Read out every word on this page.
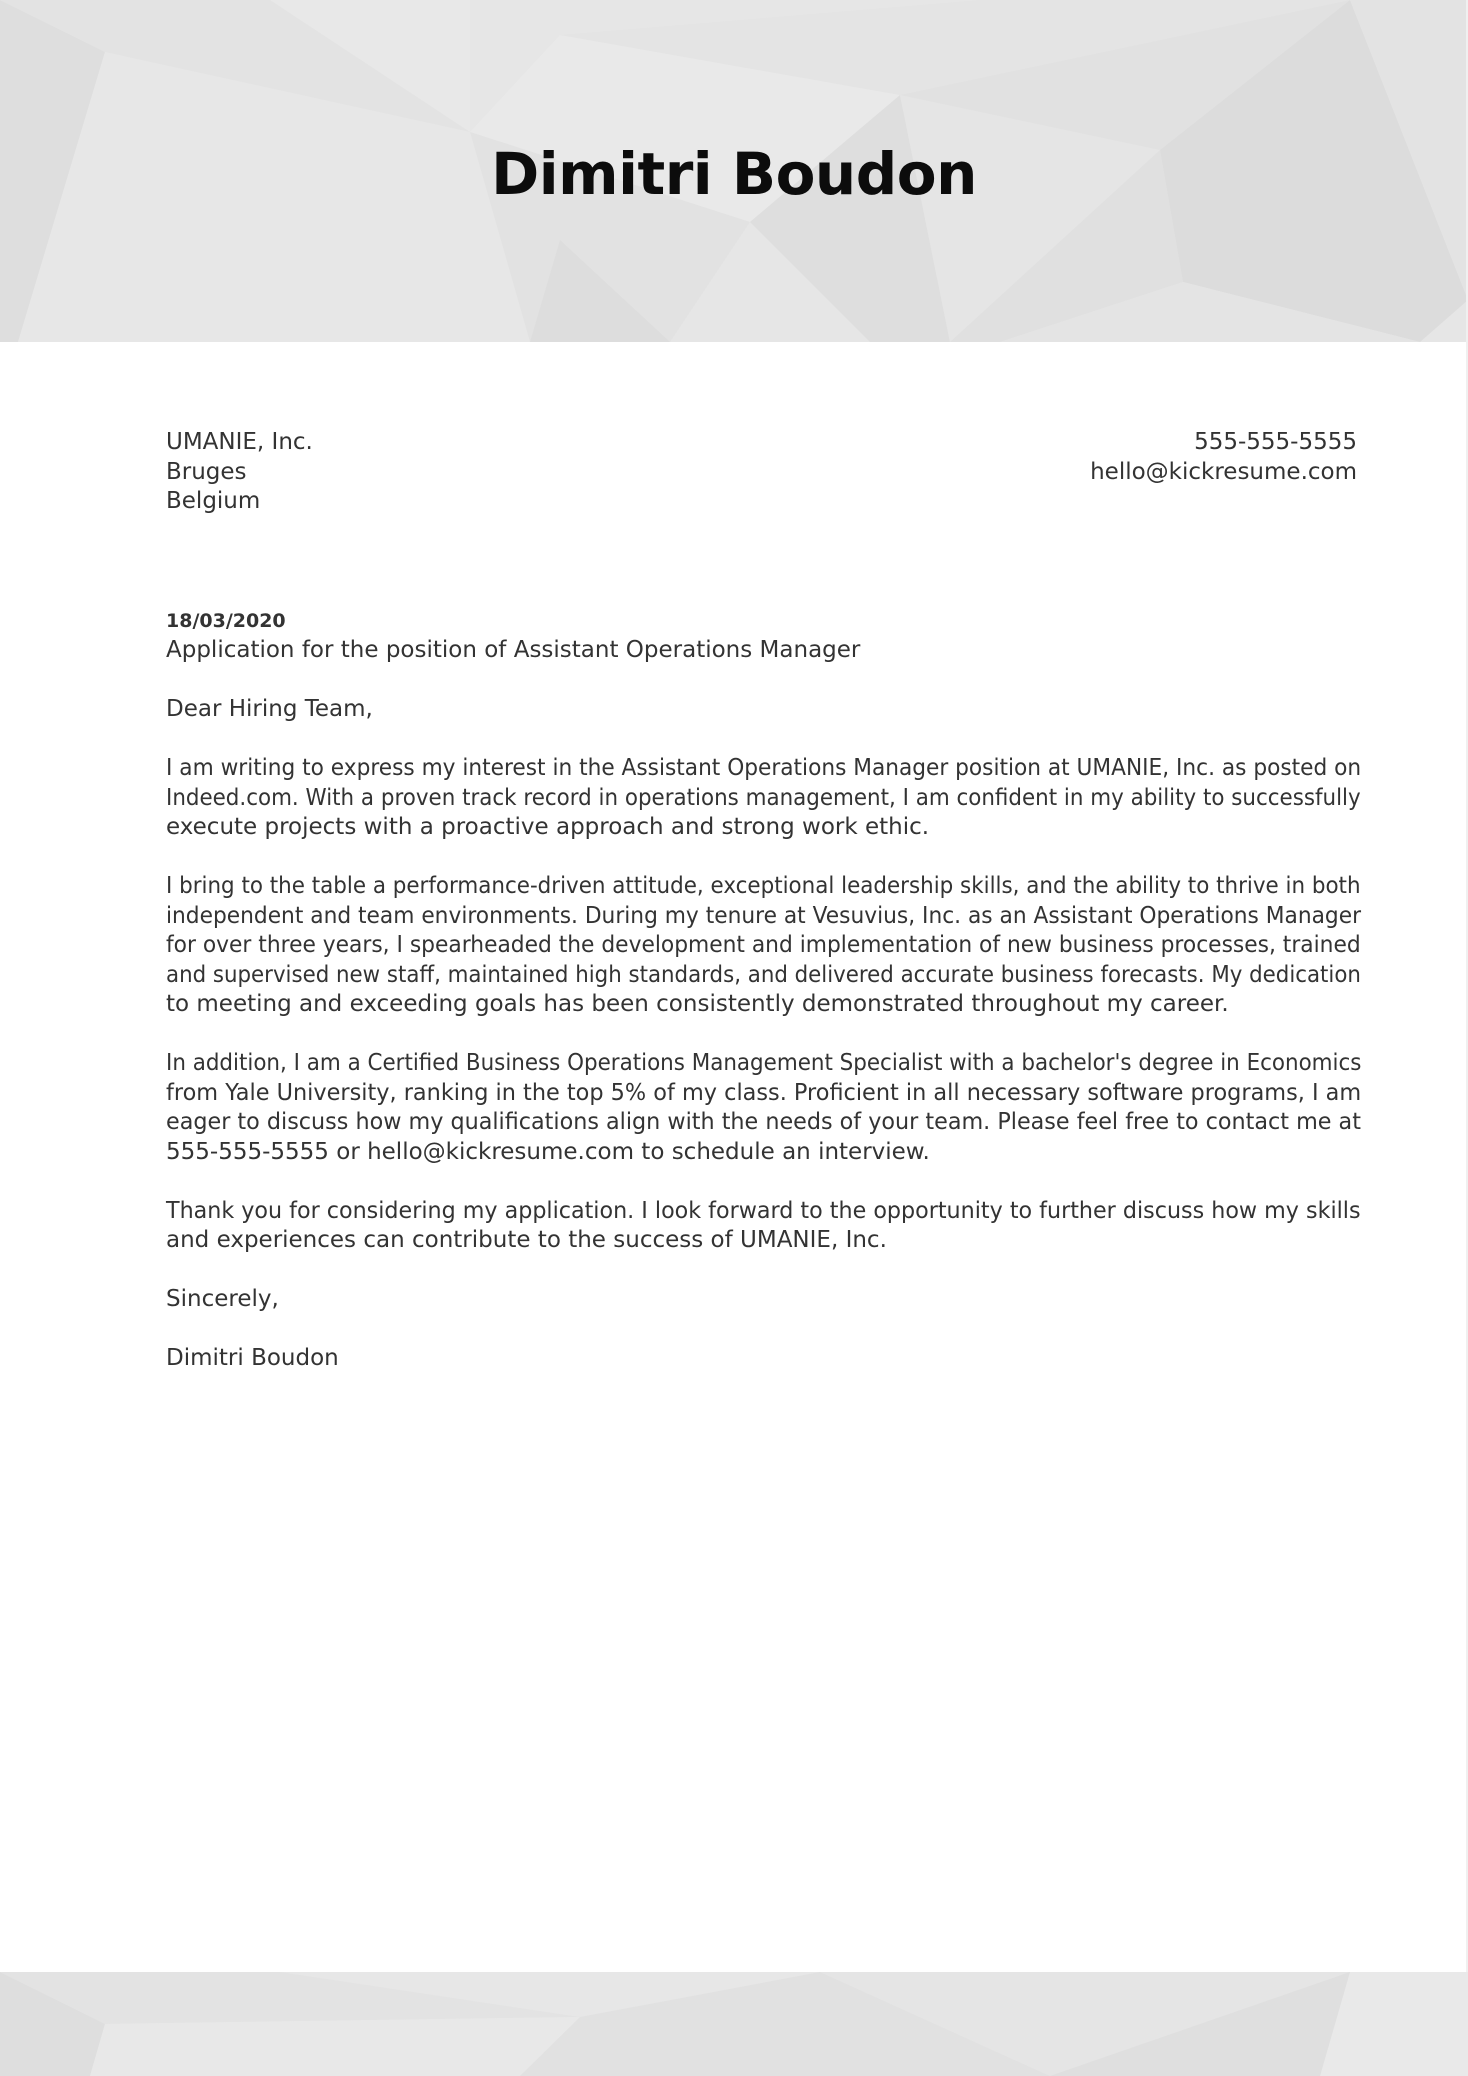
Dimitri Boudon
UMANIE, Inc.
Bruges
Belgium
555-555-5555
hello@kickresume.com
18/03/2020
Application for the position of Assistant Operations Manager
Dear Hiring Team,
I am writing to express my interest in the Assistant Operations Manager position at UMANIE, Inc. as posted on
Indeed.com. With a proven track record in operations management, I am confident in my ability to successfully
execute projects with a proactive approach and strong work ethic.
I bring to the table a performance-driven attitude, exceptional leadership skills, and the ability to thrive in both
independent and team environments. During my tenure at Vesuvius, Inc. as an Assistant Operations Manager
for over three years, I spearheaded the development and implementation of new business processes, trained
and supervised new staff, maintained high standards, and delivered accurate business forecasts. My dedication
to meeting and exceeding goals has been consistently demonstrated throughout my career.
In addition, I am a Certified Business Operations Management Specialist with a bachelor's degree in Economics
from Yale University, ranking in the top 5% of my class. Proficient in all necessary software programs, I am
eager to discuss how my qualifications align with the needs of your team. Please feel free to contact me at
555-555-5555 or hello@kickresume.com to schedule an interview.
Thank you for considering my application. I look forward to the opportunity to further discuss how my skills
and experiences can contribute to the success of UMANIE, Inc.
Sincerely,
Dimitri Boudon
